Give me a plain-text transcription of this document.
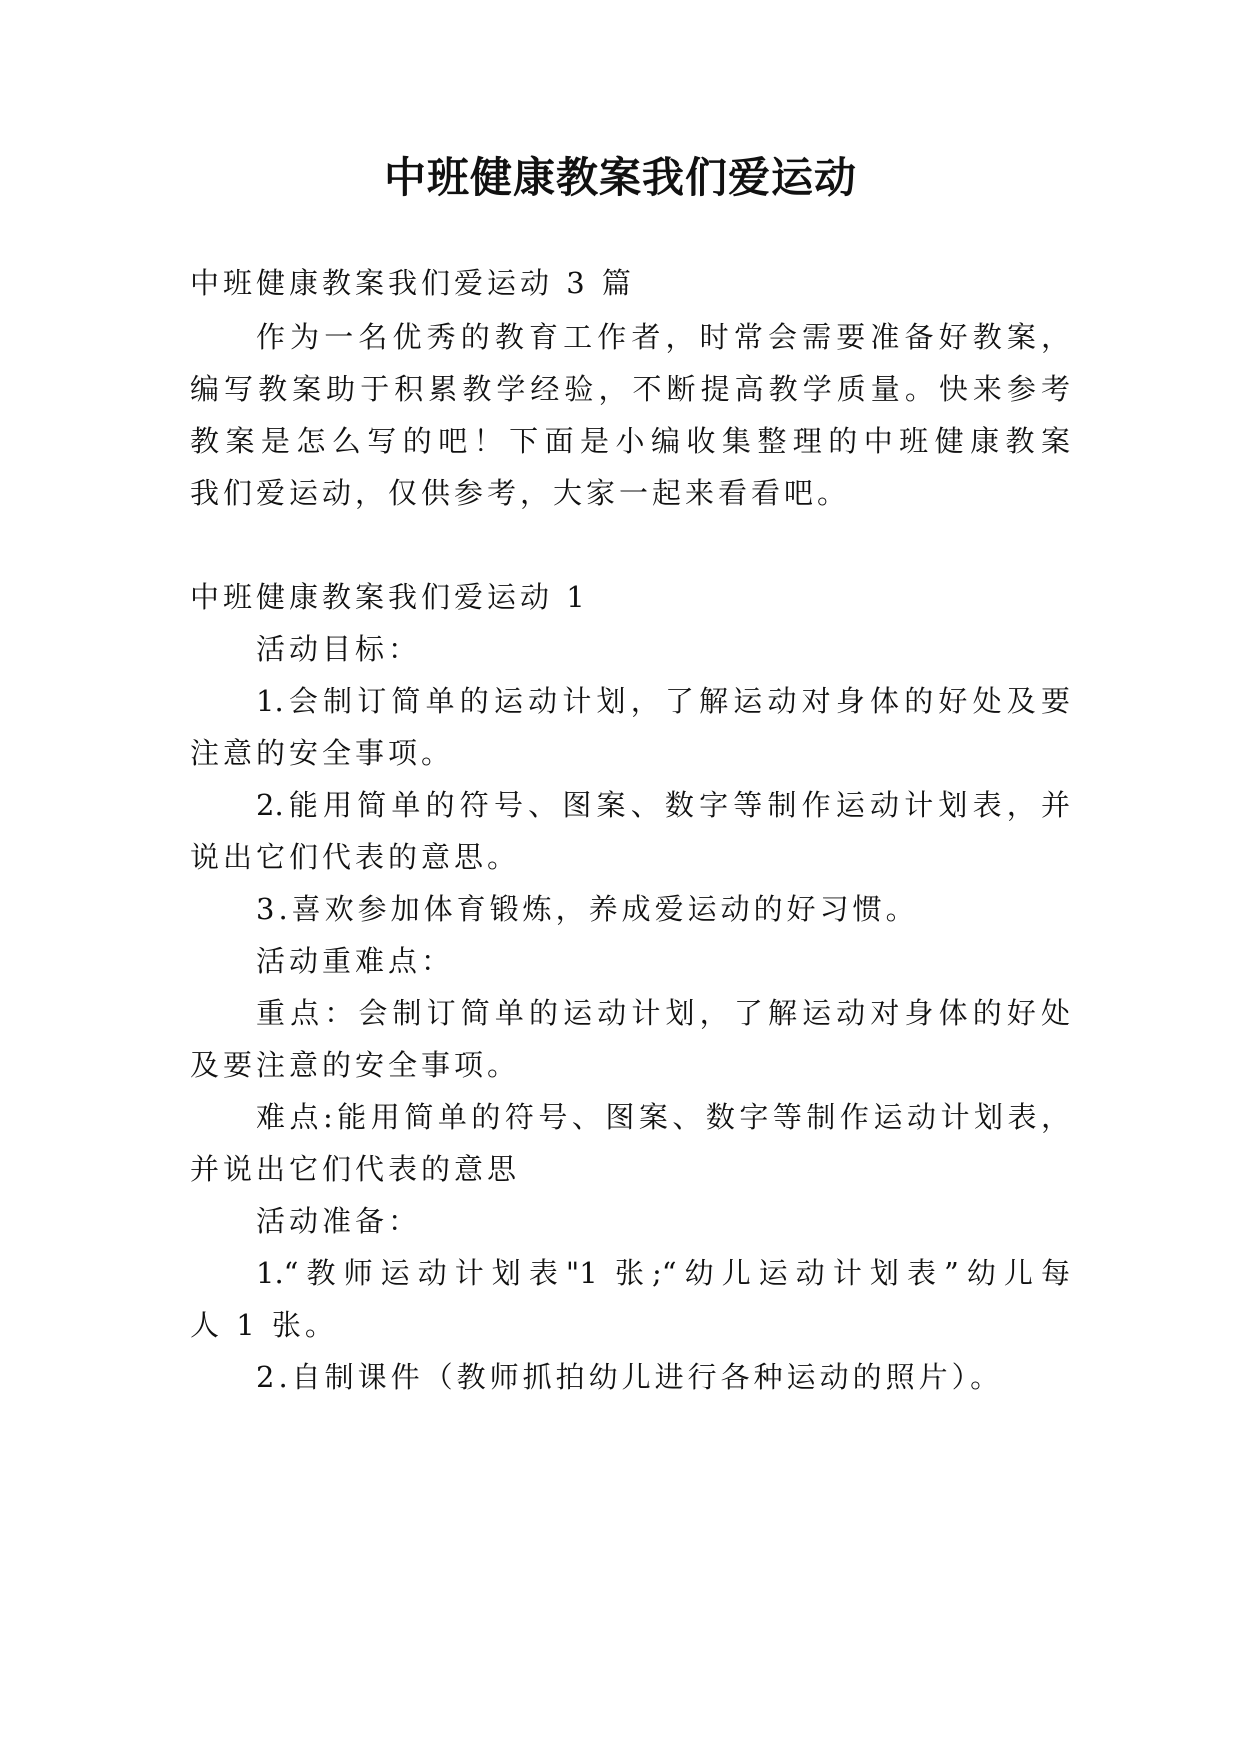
中班健康教案我们爱运动

中班健康教案我们爱运动 3 篇

作为一名优秀的教育工作者，时常会需要准备好教案，

编写教案助于积累教学经验，不断提高教学质量。快来参考

教案是怎么写的吧！下面是小编收集整理的中班健康教案

我们爱运动，仅供参考，大家一起来看看吧。

中班健康教案我们爱运动 1

活动目标：

1.会制订简单的运动计划，了解运动对身体的好处及要

注意的安全事项。

2.能用简单的符号、图案、数字等制作运动计划表，并

说出它们代表的意思。

3.喜欢参加体育锻炼，养成爱运动的好习惯。

活动重难点：

重点：会制订简单的运动计划，了解运动对身体的好处

及要注意的安全事项。

难点:能用简单的符号、图案、数字等制作运动计划表，

并说出它们代表的意思

活动准备：

1.“教师运动计划表"1 张;“幼儿运动计划表”幼儿每

人 1 张。

2.自制课件（教师抓拍幼儿进行各种运动的照片）。
